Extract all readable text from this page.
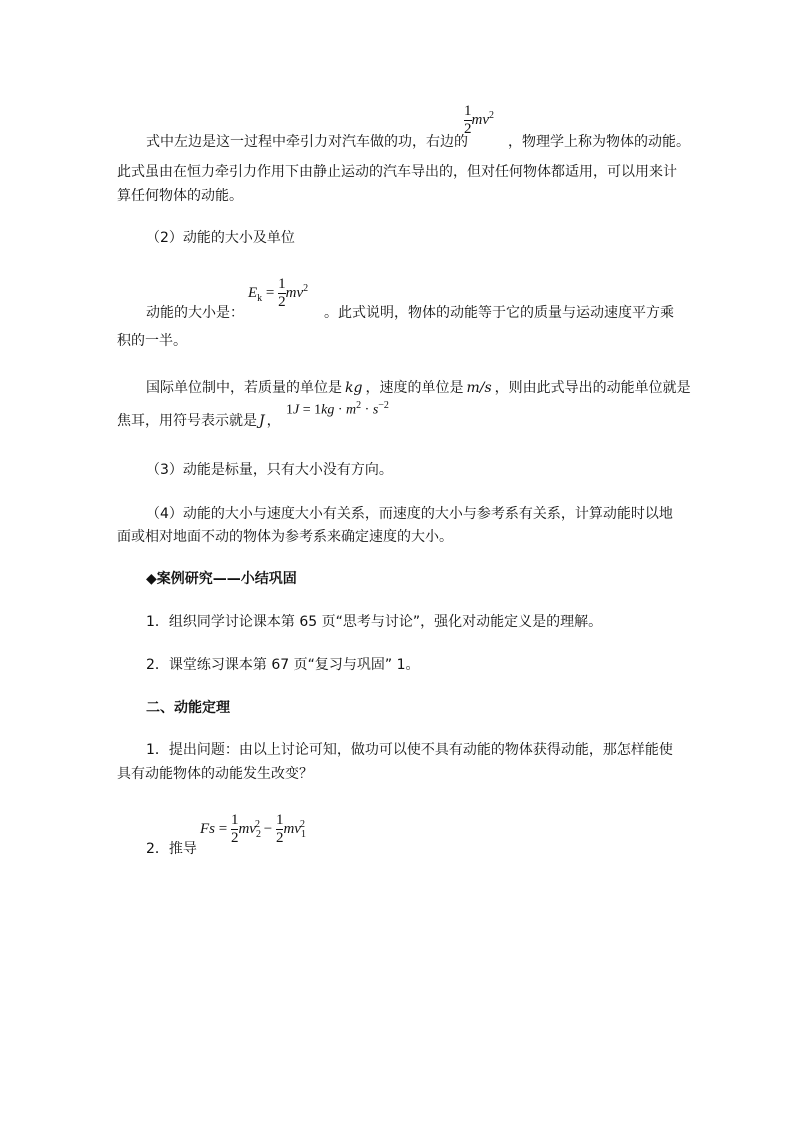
式中左边是这一过程中牵引力对汽车做的功，右边的
$\frac{1}{2} mv^2$
，物理学上称为物体的动能。
此式虽由在恒力牵引力作用下由静止运动的汽车导出的，但对任何物体都适用，可以用来计
算任何物体的动能。
（2）动能的大小及单位
$E_k = \frac{1}{2} mv^2$
动能的大小是：	。此式说明，物体的动能等于它的质量与运动速度平方乘
积的一半。
国际单位制中，若质量的单位是 kg ，速度的单位是 m/s ，则由此式导出的动能单位就是
焦耳，用符号表示就是 J ，
$1J = 1kg \cdot m^2 \cdot s^{-2}$
（3）动能是标量，只有大小没有方向。
（4）动能的大小与速度大小有关系，而速度的大小与参考系有关系，计算动能时以地
面或相对地面不动的物体为参考系来确定速度的大小。
◆案例研究——小结巩固
1．组织同学讨论课本第 65 页“思考与讨论”，强化对动能定义是的理解。
2．课堂练习课本第 67 页“复习与巩固” 1。
二、动能定理
1．提出问题：由以上讨论可知，做功可以使不具有动能的物体获得动能，那怎样能使
具有动能物体的动能发生改变？
$Fs = \frac{1}{2} mv_2^2 - \frac{1}{2} mv_1^2$
2．推导
